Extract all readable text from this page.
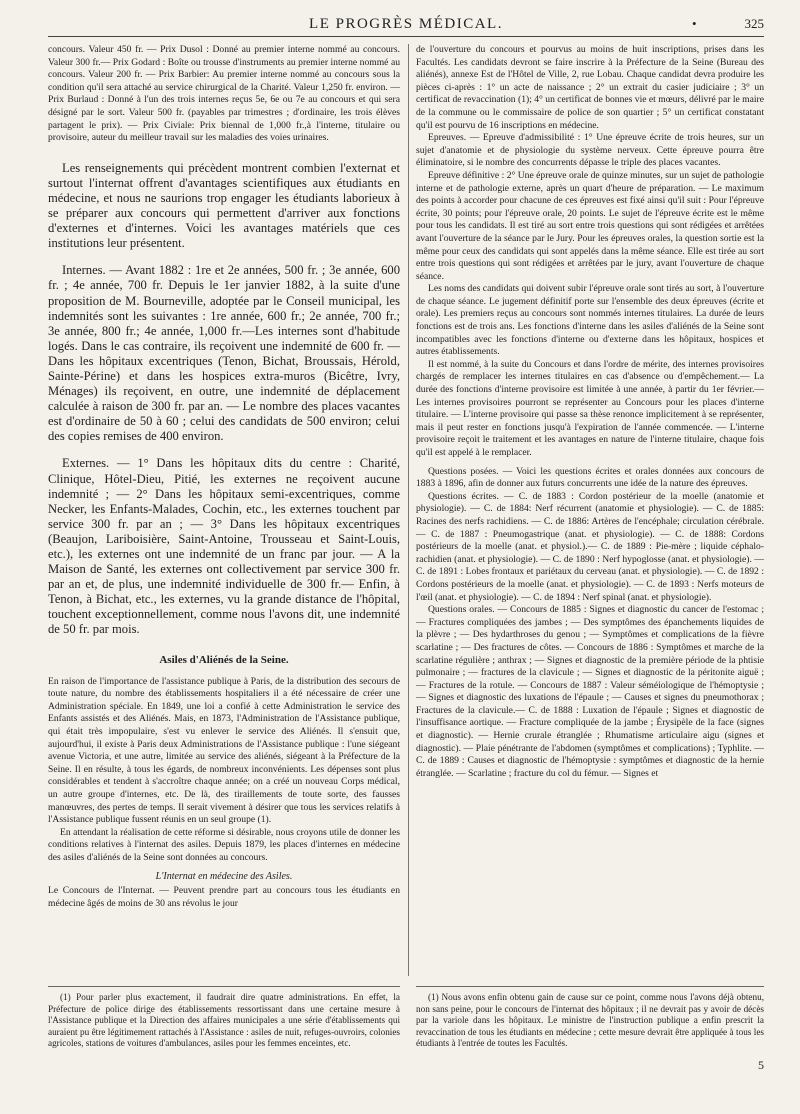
LE PROGRÈS MÉDICAL.	•	325

concours. Valeur 450 fr. — Prix Dusol : Donné au premier interne nommé au concours. Valeur 300 fr.— Prix Godard : Boîte ou trousse d'instruments au premier interne nommé au concours. Valeur 200 fr. — Prix Barbier: Au premier interne nommé au concours sous la condition qu'il sera attaché au service chirurgical de la Charité. Valeur 1,250 fr. environ. — Prix Burlaud : Donné à l'un des trois internes reçus 5e, 6e ou 7e au concours et qui sera désigné par le sort. Valeur 500 fr. (payables par trimestres ; d'ordinaire, les trois élèves partagent le prix). — Prix Civiale: Prix biennal de 1,000 fr.,à l'interne, titulaire ou provisoire, auteur du meilleur travail sur les maladies des voies urinaires.

Les renseignements qui précèdent montrent combien l'externat et surtout l'internat offrent d'avantages scientifiques aux étudiants en médecine, et nous ne saurions trop engager les étudiants laborieux à se préparer aux concours qui permettent d'arriver aux fonctions d'externes et d'internes. Voici les avantages matériels que ces institutions leur présentent.

Internes. — Avant 1882 : 1re et 2e années, 500 fr. ; 3e année, 600 fr. ; 4e année, 700 fr. Depuis le 1er janvier 1882, à la suite d'une proposition de M. Bourneville, adoptée par le Conseil municipal, les indemnités sont les suivantes : 1re année, 600 fr.; 2e année, 700 fr.; 3e année, 800 fr.; 4e année, 1,000 fr.—Les internes sont d'habitude logés. Dans le cas contraire, ils reçoivent une indemnité de 600 fr. — Dans les hôpitaux excentriques (Tenon, Bichat, Broussais, Hérold, Sainte-Périne) et dans les hospices extra-muros (Bicêtre, Ivry, Ménages) ils reçoivent, en outre, une indemnité de déplacement calculée à raison de 300 fr. par an. — Le nombre des places vacantes est d'ordinaire de 50 à 60 ; celui des candidats de 500 environ; celui des copies remises de 400 environ.

Externes. — 1° Dans les hôpitaux dits du centre : Charité, Clinique, Hôtel-Dieu, Pitié, les externes ne reçoivent aucune indemnité ; — 2° Dans les hôpitaux semi-excentriques, comme Necker, les Enfants-Malades, Cochin, etc., les externes touchent par service 300 fr. par an ; — 3° Dans les hôpitaux excentriques (Beaujon, Lariboisière, Saint-Antoine, Trousseau et Saint-Louis, etc.), les externes ont une indemnité de un franc par jour. — A la Maison de Santé, les externes ont collectivement par service 300 fr. par an et, de plus, une indemnité individuelle de 300 fr.— Enfin, à Tenon, à Bichat, etc., les externes, vu la grande distance de l'hôpital, touchent exceptionnellement, comme nous l'avons dit, une indemnité de 50 fr. par mois.

Asiles d'Aliénés de la Seine.

En raison de l'importance de l'assistance publique à Paris, de la distribution des secours de toute nature, du nombre des établissements hospitaliers il a été nécessaire de créer une Administration spéciale. En 1849, une loi a confié à cette Administration le service des Enfants assistés et des Aliénés. Mais, en 1873, l'Administration de l'Assistance publique, qui était très impopulaire, s'est vu enlever le service des Aliénés. Il s'ensuit que, aujourd'hui, il existe à Paris deux Administrations de l'Assistance publique : l'une siégeant avenue Victoria, et une autre, limitée au service des aliénés, siégeant à la Préfecture de la Seine. Il en résulte, à tous les égards, de nombreux inconvénients. Les dépenses sont plus considérables et tendent à s'accroître chaque année; on a créé un nouveau Corps médical, un autre groupe d'internes, etc. De là, des tiraillements de toute sorte, des fausses manœuvres, des pertes de temps. Il serait vivement à désirer que tous les services relatifs à l'Assistance publique fussent réunis en un seul groupe (1).

En attendant la réalisation de cette réforme si désirable, nous croyons utile de donner les conditions relatives à l'internat des asiles. Depuis 1879, les places d'internes en médecine des asiles d'aliénés de la Seine sont données au concours.

L'Internat en médecine des Asiles.

Le Concours de l'Internat. — Peuvent prendre part au concours tous les étudiants en médecine âgés de moins de 30 ans révolus le jour

de l'ouverture du concours et pourvus au moins de huit inscriptions, prises dans les Facultés. Les candidats devront se faire inscrire à la Préfecture de la Seine (Bureau des aliénés), annexe Est de l'Hôtel de Ville, 2, rue Lobau. Chaque candidat devra produire les pièces ci-après : 1° un acte de naissance ; 2° un extrait du casier judiciaire ; 3° un certificat de revaccination (1); 4° un certificat de bonnes vie et mœurs, délivré par le maire de la commune ou le commissaire de police de son quartier ; 5° un certificat constatant qu'il est pourvu de 16 inscriptions en médecine.

Epreuves. — Epreuve d'admissibilité : 1° Une épreuve écrite de trois heures, sur un sujet d'anatomie et de physiologie du système nerveux. Cette épreuve pourra être éliminatoire, si le nombre des concurrents dépasse le triple des places vacantes.

Epreuve définitive : 2° Une épreuve orale de quinze minutes, sur un sujet de pathologie interne et de pathologie externe, après un quart d'heure de préparation. — Le maximum des points à accorder pour chacune de ces épreuves est fixé ainsi qu'il suit : Pour l'épreuve écrite, 30 points; pour l'épreuve orale, 20 points. Le sujet de l'épreuve écrite est le même pour tous les candidats. Il est tiré au sort entre trois questions qui sont rédigées et arrêtées avant l'ouverture de la séance par le Jury. Pour les épreuves orales, la question sortie est la même pour ceux des candidats qui sont appelés dans la même séance. Elle est tirée au sort entre trois questions qui sont rédigées et arrêtées par le jury, avant l'ouverture de chaque séance.

Les noms des candidats qui doivent subir l'épreuve orale sont tirés au sort, à l'ouverture de chaque séance. Le jugement définitif porte sur l'ensemble des deux épreuves (écrite et orale). Les premiers reçus au concours sont nommés internes titulaires. La durée de leurs fonctions est de trois ans. Les fonctions d'interne dans les asiles d'aliénés de la Seine sont incompatibles avec les fonctions d'interne ou d'externe dans les hôpitaux, hospices et autres établissements.

Il est nommé, à la suite du Concours et dans l'ordre de mérite, des internes provisoires chargés de remplacer les internes titulaires en cas d'absence ou d'empêchement.— La durée des fonctions d'interne provisoire est limitée à une année, à partir du 1er février.— Les internes provisoires pourront se représenter au Concours pour les places d'interne titulaire. — L'interne provisoire qui passe sa thèse renonce implicitement à se représenter, mais il peut rester en fonctions jusqu'à l'expiration de l'année commencée. — L'interne provisoire reçoit le traitement et les avantages en nature de l'interne titulaire, chaque fois qu'il est appelé à le remplacer.

Questions posées. — Voici les questions écrites et orales données aux concours de 1883 à 1896, afin de donner aux futurs concurrents une idée de la nature des épreuves.

Questions écrites. — C. de 1883 : Cordon postérieur de la moelle (anatomie et physiologie). — C. de 1884: Nerf récurrent (anatomie et physiologie). — C. de 1885: Racines des nerfs rachidiens. — C. de 1886: Artères de l'encéphale; circulation cérébrale. — C. de 1887 : Pneumogastrique (anat. et physiologie). — C. de 1888: Cordons postérieurs de la moelle (anat. et physiol.).— C. de 1889 : Pie-mère ; liquide céphalo-rachidien (anat. et physiologie). — C. de 1890 : Nerf hypoglosse (anat. et physiologie). — C. de 1891 : Lobes frontaux et pariétaux du cerveau (anat. et physiologie). — C. de 1892 : Cordons postérieurs de la moelle (anat. et physiologie). — C. de 1893 : Nerfs moteurs de l'œil (anat. et physiologie). — C. de 1894 : Nerf spinal (anat. et physiologie).

Questions orales. — Concours de 1885 : Signes et diagnostic du cancer de l'estomac ; — Fractures compliquées des jambes ; — Des symptômes des épanchements liquides de la plèvre ; — Des hydarthroses du genou ; — Symptômes et complications de la fièvre scarlatine ; — Des fractures de côtes. — Concours de 1886 : Symptômes et marche de la scarlatine régulière ; anthrax ; — Signes et diagnostic de la première période de la phtisie pulmonaire ; — fractures de la clavicule ; — Signes et diagnostic de la péritonite aiguë ; — Fractures de la rotule. — Concours de 1887 : Valeur séméiologique de l'hémoptysie ; — Signes et diagnostic des luxations de l'épaule ; — Causes et signes du pneumothorax ; Fractures de la clavicule.— C. de 1888 : Luxation de l'épaule ; Signes et diagnostic de l'insuffisance aortique. — Fracture compliquée de la jambe ; Érysipèle de la face (signes et diagnostic). — Hernie crurale étranglée ; Rhumatisme articulaire aigu (signes et diagnostic). — Plaie pénétrante de l'abdomen (symptômes et complications) ; Typhlite. — C. de 1889 : Causes et diagnostic de l'hémoptysie : symptômes et diagnostic de la hernie étranglée. — Scarlatine ; fracture du col du fémur. — Signes et

(1) Pour parler plus exactement, il faudrait dire quatre administrations. En effet, la Préfecture de police dirige des établissements ressortissant dans une certaine mesure à l'Assistance publique et la Direction des affaires municipales a une série d'établissements qui auraient pu être légitimement rattachés à l'Assistance : asiles de nuit, refuges-ouvroirs, colonies agricoles, stations de voitures d'ambulances, asiles pour les femmes enceintes, etc.

(1) Nous avons enfin obtenu gain de cause sur ce point, comme nous l'avons déjà obtenu, non sans peine, pour le concours de l'internat des hôpitaux ; il ne devrait pas y avoir de décès par la variole dans les hôpitaux. Le ministre de l'instruction publique a enfin prescrit la revaccination de tous les étudiants en médecine ; cette mesure devrait être appliquée à tous les étudiants à l'entrée de toutes les Facultés.

5
